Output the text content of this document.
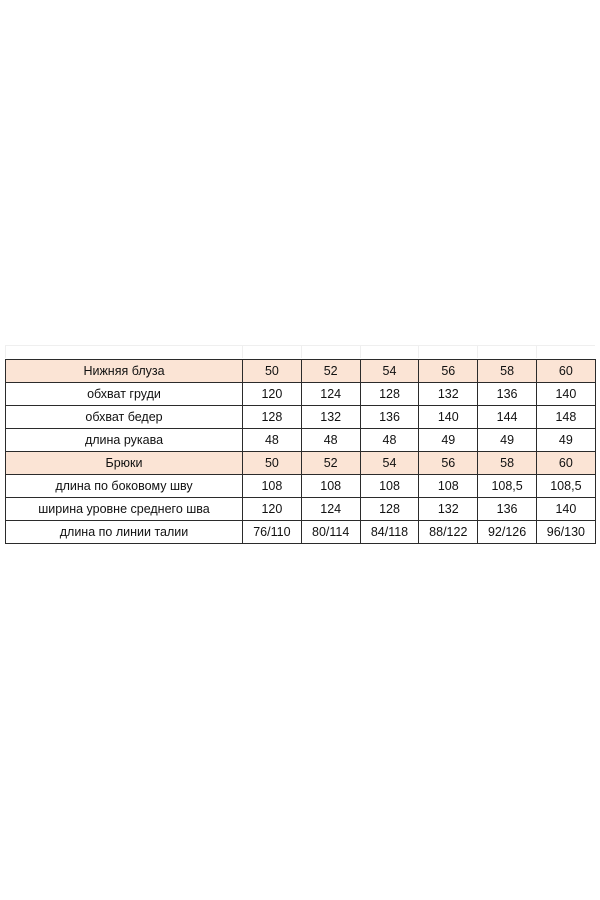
Нижняя блуза	50	52	54	56	58	60
обхват груди	120	124	128	132	136	140
обхват бедер	128	132	136	140	144	148
длина рукава	48	48	48	49	49	49
Брюки	50	52	54	56	58	60
длина по боковому шву	108	108	108	108	108,5	108,5
ширина уровне среднего шва	120	124	128	132	136	140
длина по линии талии	76/110	80/114	84/118	88/122	92/126	96/130
